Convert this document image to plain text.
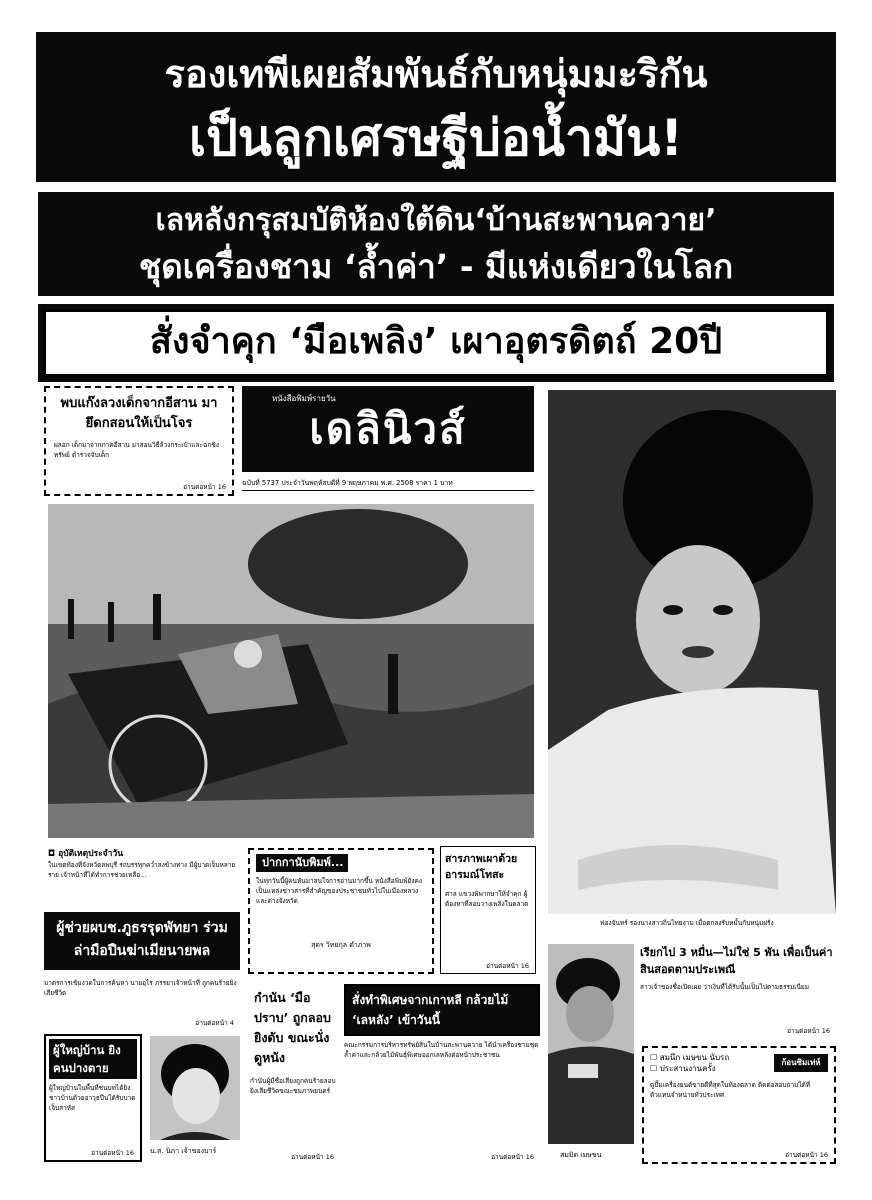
รองเทพีเผยสัมพันธ์กับหนุ่มมะริกัน
เป็นลูกเศรษฐีบ่อน้ำมัน!
เลหลังกรุสมบัติห้องใต้ดิน‘บ้านสะพานควาย’
ชุดเครื่องชาม ‘ล้ำค่า’ - มีแห่งเดียวในโลก
สั่งจำคุก ‘มือเพลิง’ เผาอุตรดิตถ์ 20ปี
พบแก๊งลวงเด็กจากอีสาน มายึดกสอนให้เป็นโจร
ผลอก เด็กมาจากภาคอีสาน มาสอนวิธีล้วงกระเป๋าและฉกชิงทรัพย์ ตำรวจจับเด็ก
อ่านต่อหน้า 16
หนังสือพิมพ์รายวัน
เดลินิวส์
ฉบับที่ 5737 ประจำวันพฤหัสบดีที่ 9 พฤษภาคม พ.ศ. 2508 ราคา 1 บาท
◘ อุบัติเหตุประจำวัน
ในเขตท้องที่จังหวัดลพบุรี รถบรรทุกคว่ำลงข้างทาง มีผู้บาดเจ็บหลายราย เจ้าหน้าที่ได้ทำการช่วยเหลือ...
ฟองจันทร์ รองนางสาวถิ่นไทยงาม เมื่อตกลงรับหมั้นกับหนุ่มฝรั่ง
ผู้ช่วยผบช.ภูธรรุดพัทยา ร่วมล่ามือปืนฆ่าเมียนายพล
มาตรการเข้มงวดในการค้นหา นายอุไร ภรรยาเจ้าหน้าที่ ถูกคนร้ายยิงเสียชีวิต
อ่านต่อหน้า 4
ปากกานับพิมพ์...
ในทุกวันนี้ผู้คนหันมาสนใจการอ่านมากขึ้น หนังสือพิมพ์ยังคงเป็นแหล่งข่าวสารที่สำคัญของประชาชนทั่วไปในเมืองหลวงและต่างจังหวัด
สุดร วิทยกุล ตำภาพ
สารภาพเผาด้วยอารมณ์โทสะ
ศาล แขวงพิพากษาให้จำคุก ผู้ต้องหาที่ลอบวางเพลิงในตลาด
อ่านต่อหน้า 16
เรียกไป 3 หมื่น—ไม่ใช่ 5 พัน เพื่อเป็นค่าสินสอดตามประเพณี
สาวเจ้าของชื่อเปิดเผย ว่าเงินที่ได้รับนั้นเป็นไปตามธรรมเนียม
อ่านต่อหน้า 16
สมมิต เมษขน
ผู้ใหญ่บ้าน ยิงคนปางตาย
ผู้ใหญ่บ้านในพื้นที่ชนบทได้ยิงชาวบ้านด้วยอาวุธปืนได้รับบาดเจ็บสาหัส
อ่านต่อหน้า 16 น.ส. นิภา เจ้าของบาร์
กำนัน ‘มือปราบ’ ถูกลอบยิงดับ ขณะนั่งดูหนัง
กำนันผู้มีชื่อเสียงถูกคนร้ายลอบยิงเสียชีวิตขณะชมภาพยนตร์
อ่านต่อหน้า 16
สั่งทำพิเศษจากเกาหลี กล้วยไม้ ‘เลหลัง’ เข้าวันนี้
คณะกรรมการบริหารทรัพย์สินในบ้านสะพานควาย ได้นำเครื่องชามชุดล้ำค่าและกล้วยไม้พันธุ์พิเศษออกเลหลังต่อหน้าประชาชน
อ่านต่อหน้า 16
☐ สมนึก เมษขน นับรถ
☐ ประสานงานครั้ง
ก้อนซิมเท่ห์
ดูปั๊มเครื่องยนต์ขายดีที่สุดในท้องตลาด ติดต่อสอบถามได้ที่ตัวแทนจำหน่ายทั่วประเทศ
อ่านต่อหน้า 16
